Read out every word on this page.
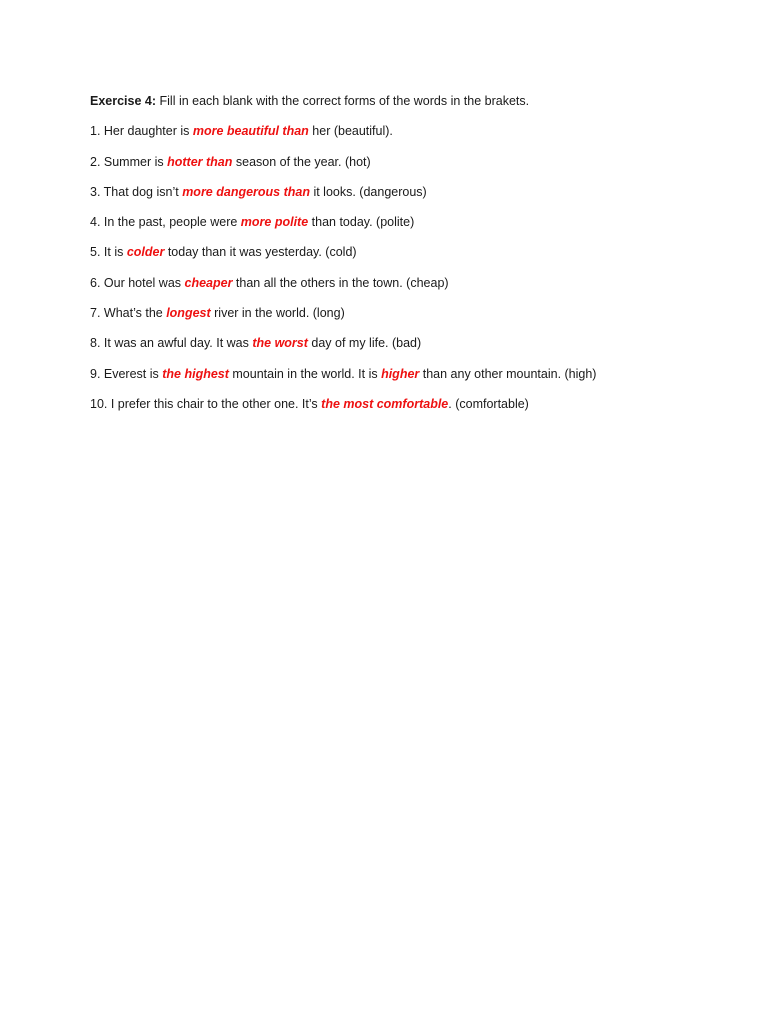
Exercise 4: Fill in each blank with the correct forms of the words in the brakets.
1. Her daughter is more beautiful than her (beautiful).
2. Summer is hotter than season of the year. (hot)
3. That dog isn’t more dangerous than it looks. (dangerous)
4. In the past, people were more polite than today. (polite)
5. It is colder today than it was yesterday. (cold)
6. Our hotel was cheaper than all the others in the town. (cheap)
7. What’s the longest river in the world. (long)
8. It was an awful day. It was the worst day of my life. (bad)
9. Everest is the highest mountain in the world. It is higher than any other mountain. (high)
10. I prefer this chair to the other one. It’s the most comfortable. (comfortable)
